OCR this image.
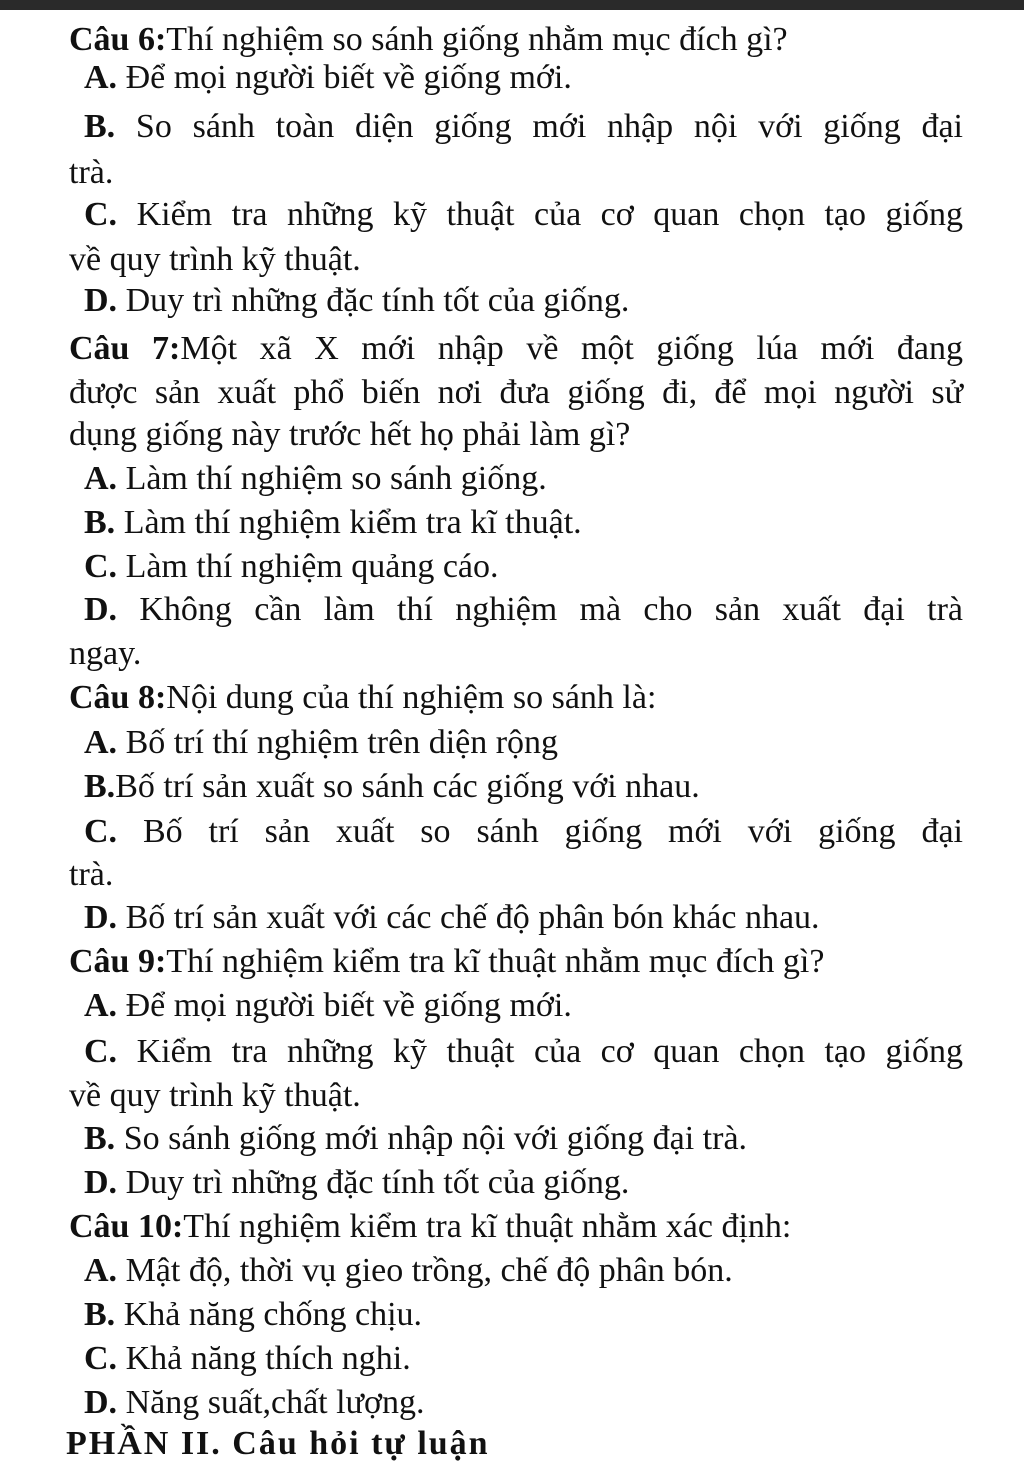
Câu 6:Thí nghiệm so sánh giống nhằm mục đích gì?
A. Để mọi người biết về giống mới.
B. So sánh toàn diện giống mới nhập nội với giống đại
trà.
C. Kiểm tra những kỹ thuật của cơ quan chọn tạo giống
về quy trình kỹ thuật.
D. Duy trì những đặc tính tốt của giống.
Câu 7:Một xã X mới nhập về một giống lúa mới đang
được sản xuất phổ biến nơi đưa giống đi, để mọi người sử
dụng giống này trước hết họ phải làm gì?
A. Làm thí nghiệm so sánh giống.
B. Làm thí nghiệm kiểm tra kĩ thuật.
C. Làm thí nghiệm quảng cáo.
D. Không cần làm thí nghiệm mà cho sản xuất đại trà
ngay.
Câu 8:Nội dung của thí nghiệm so sánh là:
A. Bố trí thí nghiệm trên diện rộng
B.Bố trí sản xuất so sánh các giống với nhau.
C. Bố trí sản xuất so sánh giống mới với giống đại
trà.
D. Bố trí sản xuất với các chế độ phân bón khác nhau.
Câu 9:Thí nghiệm kiểm tra kĩ thuật nhằm mục đích gì?
A. Để mọi người biết về giống mới.
C. Kiểm tra những kỹ thuật của cơ quan chọn tạo giống
về quy trình kỹ thuật.
B. So sánh giống mới nhập nội với giống đại trà.
D. Duy trì những đặc tính tốt của giống.
Câu 10:Thí nghiệm kiểm tra kĩ thuật nhằm xác định:
A. Mật độ, thời vụ gieo trồng, chế độ phân bón.
B. Khả năng chống chịu.
C. Khả năng thích nghi.
D. Năng suất,chất lượng.
PHẦN II. Câu hỏi tự luận
